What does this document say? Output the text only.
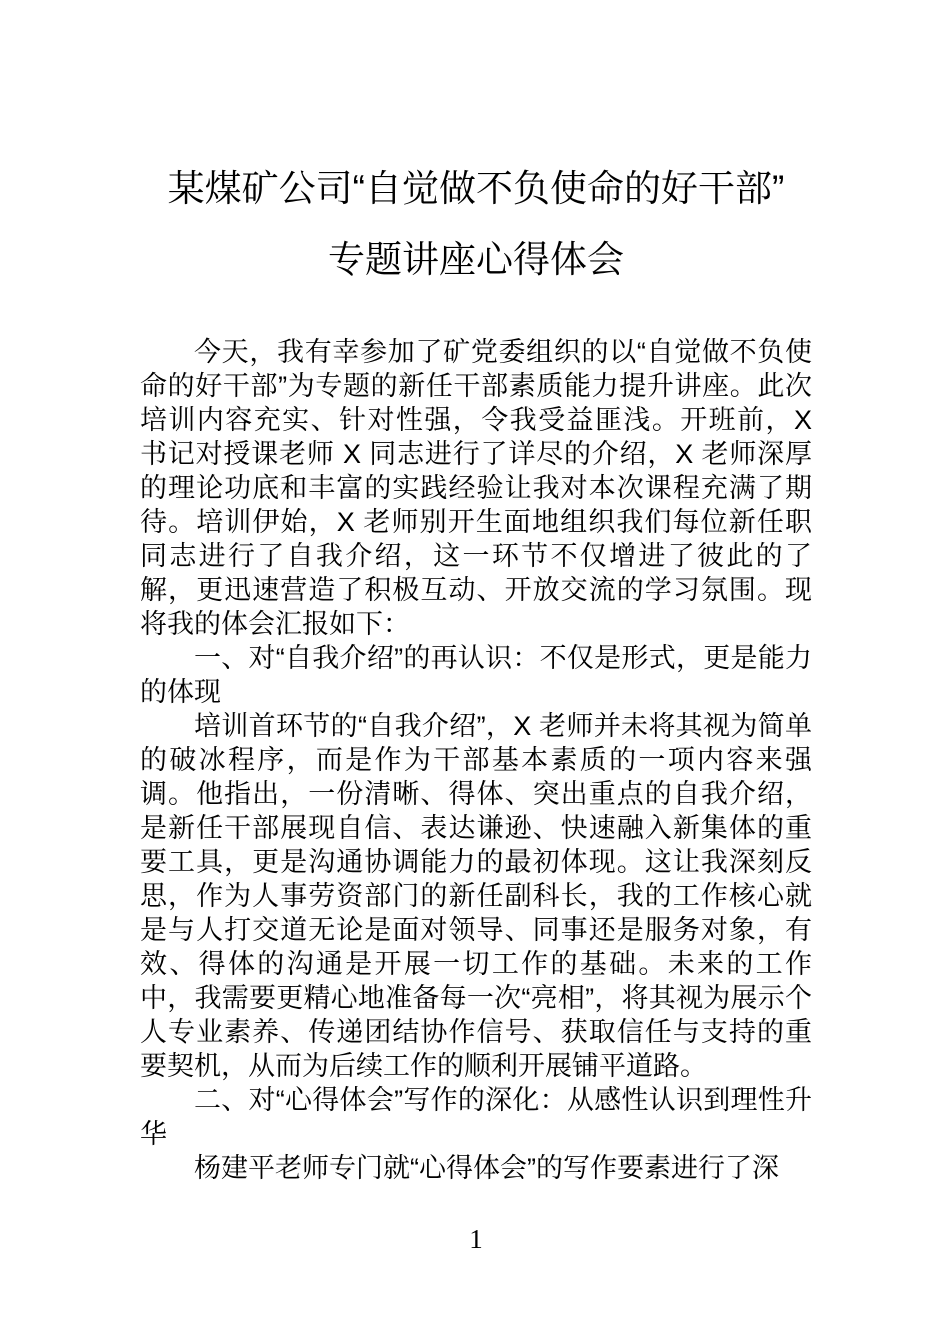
某煤矿公司“自觉做不负使命的好干部”
专题讲座心得体会

今天，我有幸参加了矿党委组织的以“自觉做不负使命的好干部”为专题的新任干部素质能力提升讲座。此次培训内容充实、针对性强，令我受益匪浅。开班前，X 书记对授课老师 X 同志进行了详尽的介绍，X 老师深厚的理论功底和丰富的实践经验让我对本次课程充满了期待。培训伊始，X 老师别开生面地组织我们每位新任职同志进行了自我介绍，这一环节不仅增进了彼此的了解，更迅速营造了积极互动、开放交流的学习氛围。现将我的体会汇报如下：

一、对“自我介绍”的再认识：不仅是形式，更是能力的体现

培训首环节的“自我介绍”，X 老师并未将其视为简单的破冰程序，而是作为干部基本素质的一项内容来强调。他指出，一份清晰、得体、突出重点的自我介绍，是新任干部展现自信、表达谦逊、快速融入新集体的重要工具，更是沟通协调能力的最初体现。这让我深刻反思，作为人事劳资部门的新任副科长，我的工作核心就是与人打交道无论是面对领导、同事还是服务对象，有效、得体的沟通是开展一切工作的基础。未来的工作中，我需要更精心地准备每一次“亮相”，将其视为展示个人专业素养、传递团结协作信号、获取信任与支持的重要契机，从而为后续工作的顺利开展铺平道路。

二、对“心得体会”写作的深化：从感性认识到理性升华

杨建平老师专门就“心得体会”的写作要素进行了深

1
